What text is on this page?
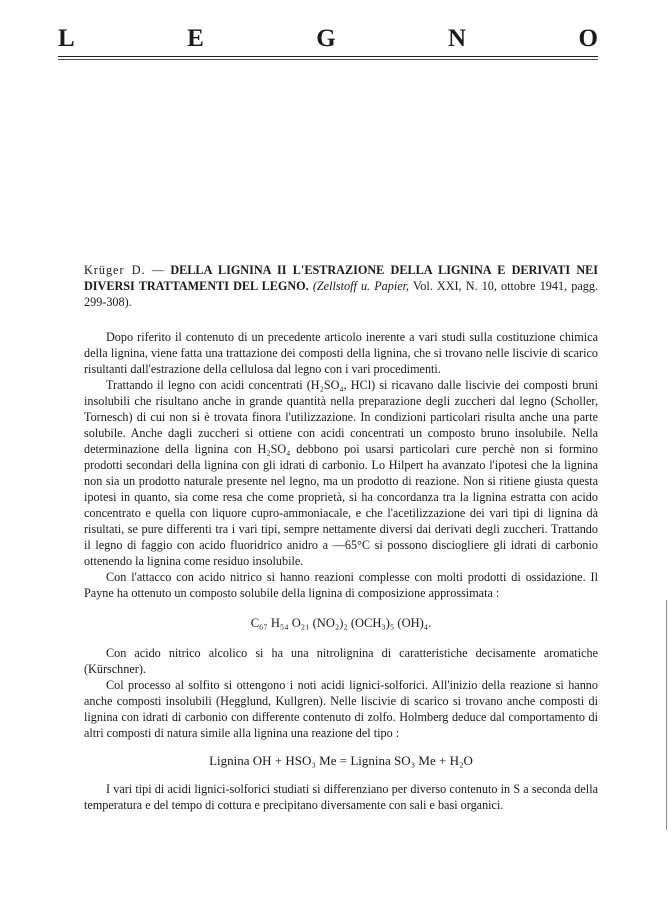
L	E	G	N	O

Krüger D. — DELLA LIGNINA II L'ESTRAZIONE DELLA LIGNINA E DERIVATI NEI DIVERSI TRATTAMENTI DEL LEGNO. (Zellstoff u. Papier, Vol. XXI, N. 10, ottobre 1941, pagg. 299-308).

Dopo riferito il contenuto di un precedente articolo inerente a vari studi sulla costituzione chimica della lignina, viene fatta una trattazione dei composti della lignina, che si trovano nelle liscivie di scarico risultanti dall'estrazione della cellulosa dal legno con i vari procedimenti.

Trattando il legno con acidi concentrati (H₂SO₄, HCl) si ricavano dalle liscivie dei composti bruni insolubili che risultano anche in grande quantità nella preparazione degli zuccheri dal legno (Scholler, Tornesch) di cui non si è trovata finora l'utilizzazione. In condizioni particolari risulta anche una parte solubile. Anche dagli zuccheri si ottiene con acidi concentrati un composto bruno insolubile. Nella determinazione della lignina con H₂SO₄ debbono poi usarsi particolari cure perchè non si formino prodotti secondari della lignina con gli idrati di carbonio. Lo Hilpert ha avanzato l'ipotesi che la lignina non sia un prodotto naturale presente nel legno, ma un prodotto di reazione. Non si ritiene giusta questa ipotesi in quanto, sia come resa che come proprietà, si ha concordanza tra la lignina estratta con acido concentrato e quella con liquore cupro-ammoniacale, e che l'acetilizzazione dei vari tipi di lignina dà risultati, se pure differenti tra i vari tipi, sempre nettamente diversi dai derivati degli zuccheri. Trattando il legno di faggio con acido fluoridrico anidro a —65°C si possono disciogliere gli idrati di carbonio ottenendo la lignina come residuo insolubile.

Con l'attacco con acido nitrico si hanno reazioni complesse con molti prodotti di ossidazione. Il Payne ha ottenuto un composto solubile della lignina di composizione approssimata :

C₆₇ H₅₄ O₂₁ (NO₂)₂ (OCH₃)₅ (OH)₄.

Con acido nitrico alcolico si ha una nitrolignina di caratteristiche decisamente aromatiche (Kürschner).

Col processo al solfito si ottengono i noti acidi lignici-solforici. All'inizio della reazione si hanno anche composti insolubili (Hegglund, Kullgren). Nelle liscivie di scarico si trovano anche composti di lignina con idrati di carbonio con differente contenuto di zolfo. Holmberg deduce dal comportamento di altri composti di natura simile alla lignina una reazione del tipo :

Lignina OH + HSO₃ Me = Lignina SO₃ Me + H₂O

I vari tipi di acidi lignici-solforici studiati si differenziano per diverso contenuto in S a seconda della temperatura e del tempo di cottura e precipitano diversamente con sali e basi organici.
